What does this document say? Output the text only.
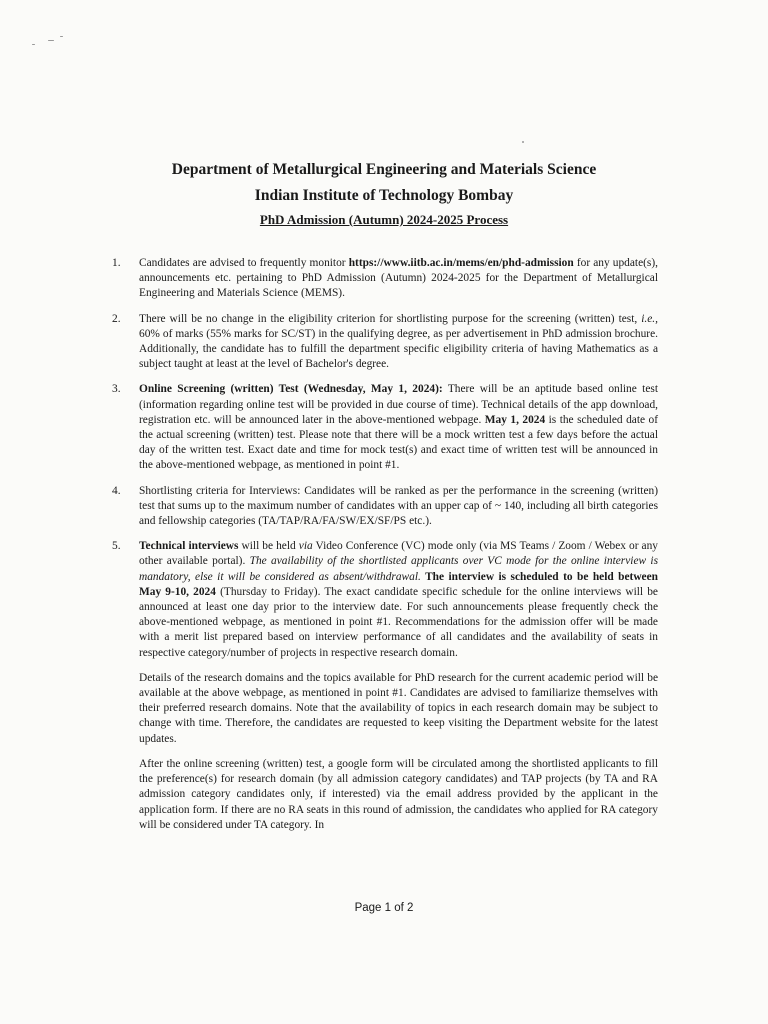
Department of Metallurgical Engineering and Materials Science
Indian Institute of Technology Bombay
PhD Admission (Autumn) 2024-2025 Process
1.	Candidates are advised to frequently monitor https://www.iitb.ac.in/mems/en/phd-admission for any update(s), announcements etc. pertaining to PhD Admission (Autumn) 2024-2025 for the Department of Metallurgical Engineering and Materials Science (MEMS).
2.	There will be no change in the eligibility criterion for shortlisting purpose for the screening (written) test, i.e., 60% of marks (55% marks for SC/ST) in the qualifying degree, as per advertisement in PhD admission brochure. Additionally, the candidate has to fulfill the department specific eligibility criteria of having Mathematics as a subject taught at least at the level of Bachelor's degree.
3.	Online Screening (written) Test (Wednesday, May 1, 2024): There will be an aptitude based online test (information regarding online test will be provided in due course of time). Technical details of the app download, registration etc. will be announced later in the above-mentioned webpage. May 1, 2024 is the scheduled date of the actual screening (written) test. Please note that there will be a mock written test a few days before the actual day of the written test. Exact date and time for mock test(s) and exact time of written test will be announced in the above-mentioned webpage, as mentioned in point #1.
4.	Shortlisting criteria for Interviews: Candidates will be ranked as per the performance in the screening (written) test that sums up to the maximum number of candidates with an upper cap of ~ 140, including all birth categories and fellowship categories (TA/TAP/RA/FA/SW/EX/SF/PS etc.).
5.	Technical interviews will be held via Video Conference (VC) mode only (via MS Teams / Zoom / Webex or any other available portal). The availability of the shortlisted applicants over VC mode for the online interview is mandatory, else it will be considered as absent/withdrawal. The interview is scheduled to be held between May 9-10, 2024 (Thursday to Friday). The exact candidate specific schedule for the online interviews will be announced at least one day prior to the interview date. For such announcements please frequently check the above-mentioned webpage, as mentioned in point #1. Recommendations for the admission offer will be made with a merit list prepared based on interview performance of all candidates and the availability of seats in respective category/number of projects in respective research domain.
Details of the research domains and the topics available for PhD research for the current academic period will be available at the above webpage, as mentioned in point #1. Candidates are advised to familiarize themselves with their preferred research domains. Note that the availability of topics in each research domain may be subject to change with time. Therefore, the candidates are requested to keep visiting the Department website for the latest updates.
After the online screening (written) test, a google form will be circulated among the shortlisted applicants to fill the preference(s) for research domain (by all admission category candidates) and TAP projects (by TA and RA admission category candidates only, if interested) via the email address provided by the applicant in the application form. If there are no RA seats in this round of admission, the candidates who applied for RA category will be considered under TA category. In
Page 1 of 2
